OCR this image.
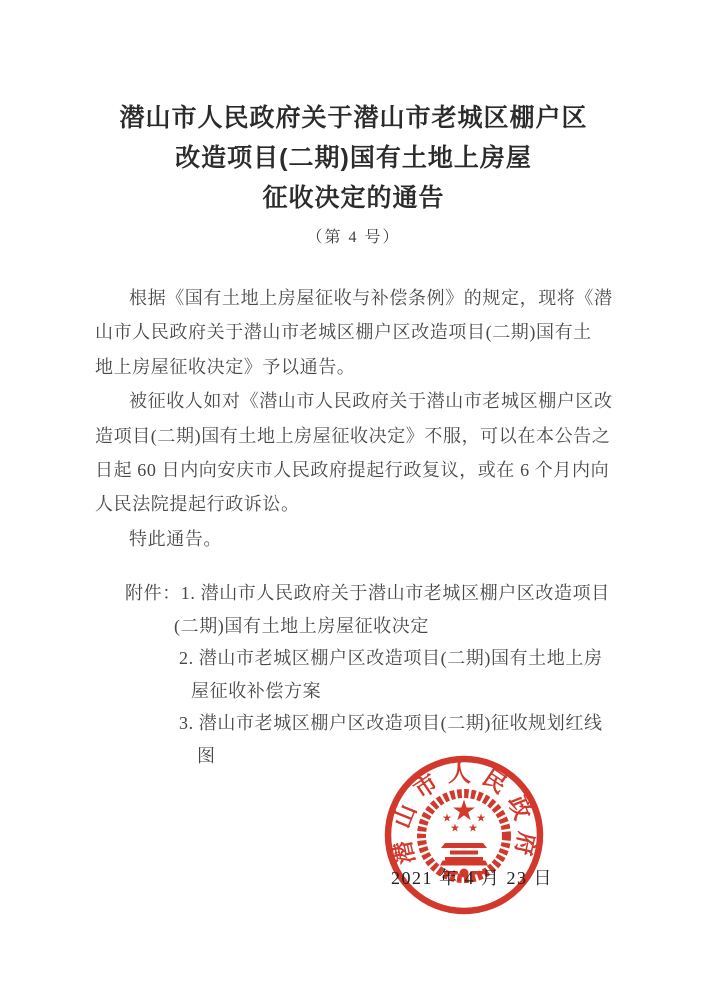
潜山市人民政府关于潜山市老城区棚户区
改造项目(二期)国有土地上房屋
征收决定的通告
（第 4 号）
根据《国有土地上房屋征收与补偿条例》的规定，现将《潜
山市人民政府关于潜山市老城区棚户区改造项目(二期)国有土
地上房屋征收决定》予以通告。
被征收人如对《潜山市人民政府关于潜山市老城区棚户区改
造项目(二期)国有土地上房屋征收决定》不服，可以在本公告之
日起 60 日内向安庆市人民政府提起行政复议，或在 6 个月内向
人民法院提起行政诉讼。
特此通告。
附件：1. 潜山市人民政府关于潜山市老城区棚户区改造项目
(二期)国有土地上房屋征收决定
2. 潜山市老城区棚户区改造项目(二期)国有土地上房
屋征收补偿方案
3. 潜山市老城区棚户区改造项目(二期)征收规划红线
图
潜山市人民政府
2021 年 4 月 23 日
